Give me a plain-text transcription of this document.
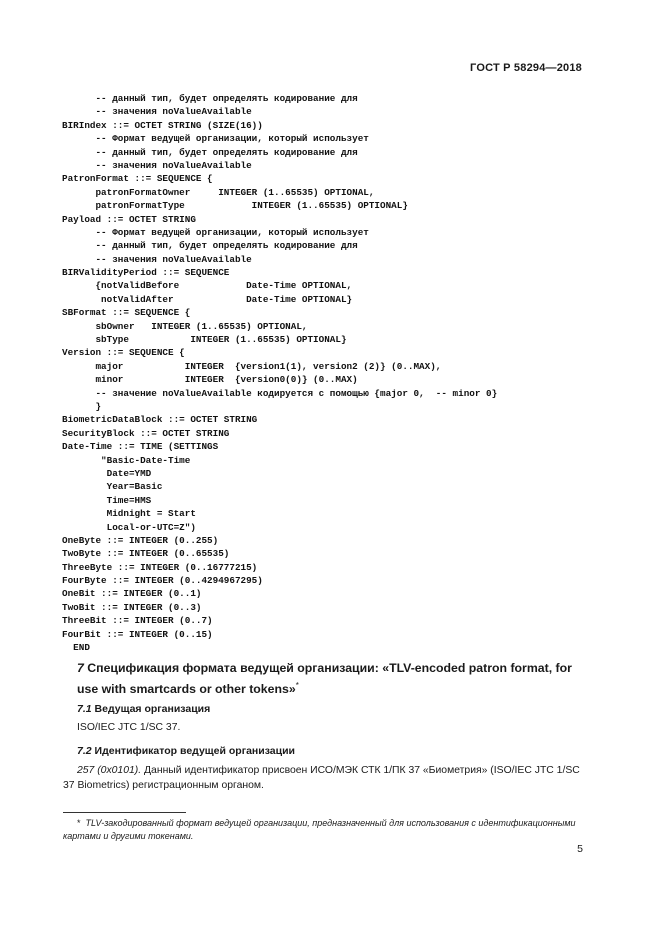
ГОСТ Р 58294—2018
-- данный тип, будет определять кодирование для
-- значения noValueAvailable
BIRIndex ::= OCTET STRING (SIZE(16))
-- Формат ведущей организации, который использует
-- данный тип, будет определять кодирование для
-- значения noValueAvailable
PatronFormat ::= SEQUENCE {
patronFormatOwner     INTEGER (1..65535) OPTIONAL,
patronFormatType            INTEGER (1..65535) OPTIONAL}
Payload ::= OCTET STRING
-- Формат ведущей организации, который использует
-- данный тип, будет определять кодирование для
-- значения noValueAvailable
BIRValidityPeriod ::= SEQUENCE
{notValidBefore            Date-Time OPTIONAL,
notValidAfter             Date-Time OPTIONAL}
SBFormat ::= SEQUENCE {
sbOwner   INTEGER (1..65535) OPTIONAL,
sbType           INTEGER (1..65535) OPTIONAL}
Version ::= SEQUENCE {
major           INTEGER  {version1(1), version2 (2)} (0..MAX),
minor           INTEGER  {version0(0)} (0..MAX)
-- значение noValueAvailable кодируется с помощью {major 0,  -- minor 0}
}
BiometricDataBlock ::= OCTET STRING
SecurityBlock ::= OCTET STRING
Date-Time ::= TIME (SETTINGS
"Basic-Date-Time
Date=YMD
Year=Basic
Time=HMS
Midnight = Start
Local-or-UTC=Z")
OneByte ::= INTEGER (0..255)
TwoByte ::= INTEGER (0..65535)
ThreeByte ::= INTEGER (0..16777215)
FourByte ::= INTEGER (0..4294967295)
OneBit ::= INTEGER (0..1)
TwoBit ::= INTEGER (0..3)
ThreeBit ::= INTEGER (0..7)
FourBit ::= INTEGER (0..15)
END
7 Спецификация формата ведущей организации: «TLV-encoded patron format, for use with smartcards or other tokens»*
7.1 Ведущая организация
ISO/IEC JTC 1/SC 37.
7.2 Идентификатор ведущей организации
257 (0x0101). Данный идентификатор присвоен ИСО/МЭК СТК 1/ПК 37 «Биометрия» (ISO/IEC JTC 1/SC 37 Biometrics) регистрационным органом.
* TLV-закодированный формат ведущей организации, предназначенный для использования с идентификационными картами и другими токенами.
5
